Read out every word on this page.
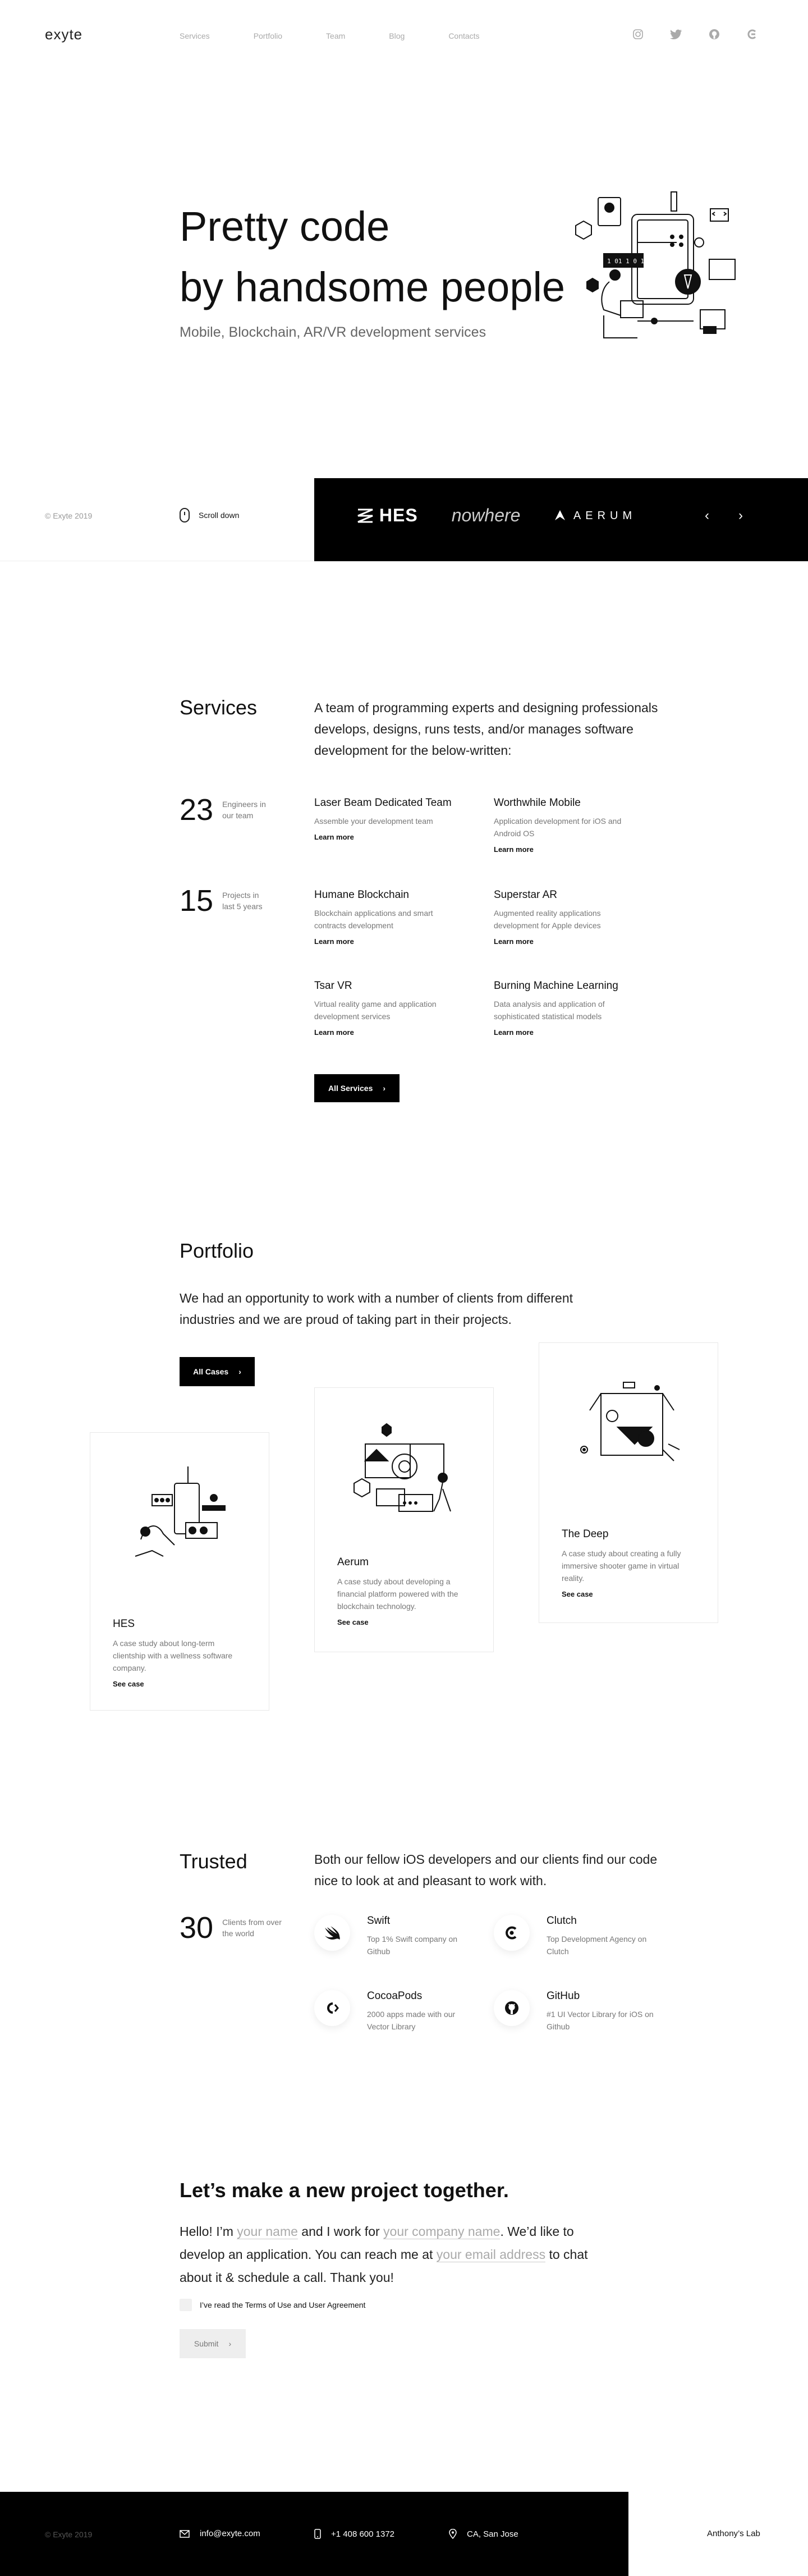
exyte	Services	Portfolio	Team	Blog	Contacts
Pretty code
by handsome people
Mobile, Blockchain, AR/VR development services
1 01 1 0 1
© Exyte 2019	Scroll down	HES nowhere	AERUM	‹ ›
Services	A team of programming experts and designing professionals develops, designs, runs tests, and/or manages software development for the below-written:

23 Engineers in our team
15 Projects in last 5 years
Laser Beam Dedicated Team
Assemble your development team
Learn more
Worthwhile Mobile
Application development for iOS and Android OS
Learn more
Humane Blockchain
Blockchain applications and smart contracts development
Learn more
Superstar AR
Augmented reality applications development for Apple devices
Learn more
Tsar VR
Virtual reality game and application development services
Learn more
Burning Machine Learning
Data analysis and application of sophisticated statistical models
Learn more
All Services ›
Portfolio

We had an opportunity to work with a number of clients from different industries and we are proud of taking part in their projects.

All Cases ›
HES
A case study about long-term clientship with a wellness software company.
See case
Aerum
A case study about developing a financial platform powered with the blockchain technology.
See case
The Deep
A case study about creating a fully immersive shooter game in virtual reality.
See case
Trusted	Both our fellow iOS developers and our clients find our code nice to look at and pleasant to work with.

30 Clients from over the world
Swift
Top 1% Swift company on Github
Clutch
Top Development Agency on Clutch
CocoaPods
2000 apps made with our Vector Library
GitHub
#1 UI Vector Library for iOS on Github
Let’s make a new project together.

Hello! I’m your name and I work for your company name. We’d like to develop an application. You can reach me at your email address to chat about it & schedule a call. Thank you!

I’ve read the Terms of Use and User Agreement
Submit ›
© Exyte 2019	info@exyte.com	+1 408 600 1372	CA, San Jose	Anthony’s Lab
